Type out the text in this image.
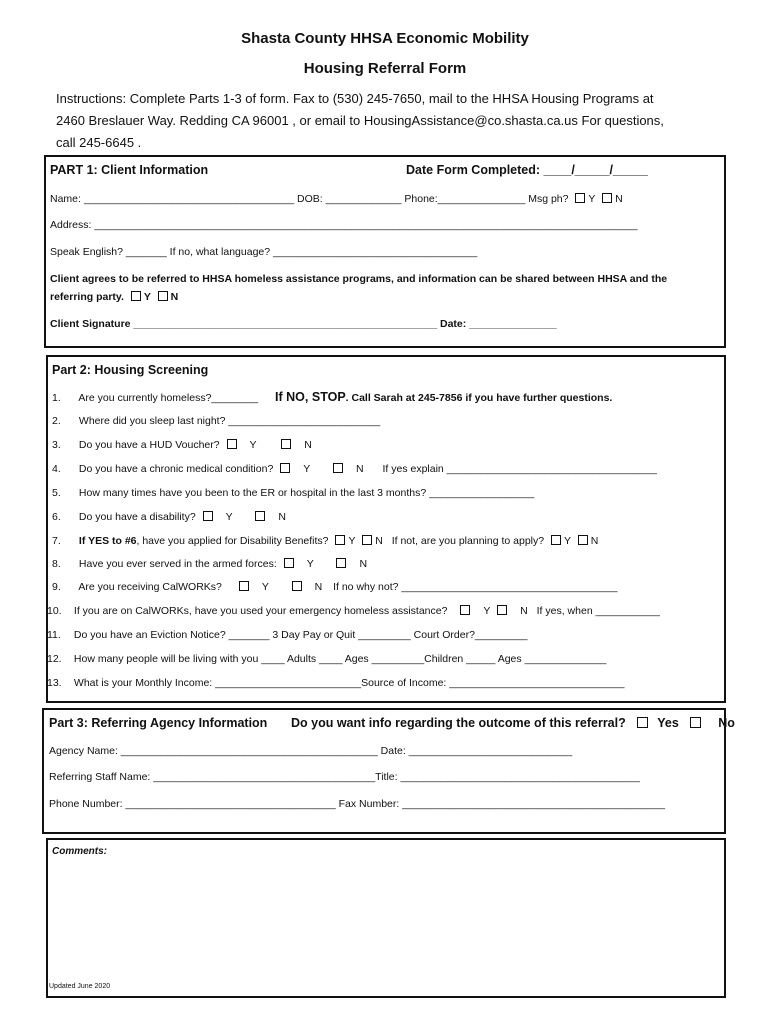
Shasta County HHSA Economic Mobility
Housing Referral Form
Instructions: Complete Parts 1-3 of form. Fax to (530) 245-7650, mail to the HHSA Housing Programs at
2460 Breslauer Way. Redding CA 96001 , or email to HousingAssistance@co.shasta.ca.us For questions,
call 245-6645 .
PART 1: Client Information	Date Form Completed: ____/_____/_____
Name: ____________________________________ DOB: _____________ Phone:_______________ Msg ph? Y N
Address: _____________________________________________________________________________________________
Speak English? _______ If no, what language? ___________________________________
Client agrees to be referred to HHSA homeless assistance programs, and information can be shared between HHSA and the
referring party. Y N
Client Signature ____________________________________________________ Date: _______________
Part 2: Housing Screening
1. Are you currently homeless?________ If NO, STOP. Call Sarah at 245-7856 if you have further questions.
2. Where did you sleep last night? __________________________
3. Do you have a HUD Voucher?	Y	N
4. Do you have a chronic medical condition?	Y	N If yes explain ____________________________________
5. How many times have you been to the ER or hospital in the last 3 months? __________________
6. Do you have a disability?	Y	N
7. If YES to #6, have you applied for Disability Benefits? Y N If not, are you planning to apply? Y N
8. Have you ever served in the armed forces:	Y	N
9. Are you receiving CalWORKs?	Y	N If no why not? _____________________________________
10. If you are on CalWORKs, have you used your emergency homeless assistance?	Y	N If yes, when ___________
11. Do you have an Eviction Notice? _______ 3 Day Pay or Quit _________ Court Order?_________
12. How many people will be living with you ____ Adults ____ Ages _________Children _____ Ages ______________
13. What is your Monthly Income: _________________________Source of Income: ______________________________
Part 3: Referring Agency Information Do you want info regarding the outcome of this referral?	Yes	No
Agency Name: ____________________________________________ Date: ____________________________
Referring Staff Name: ______________________________________Title: _________________________________________
Phone Number: ____________________________________ Fax Number: _____________________________________________
Comments:
Updated June 2020
